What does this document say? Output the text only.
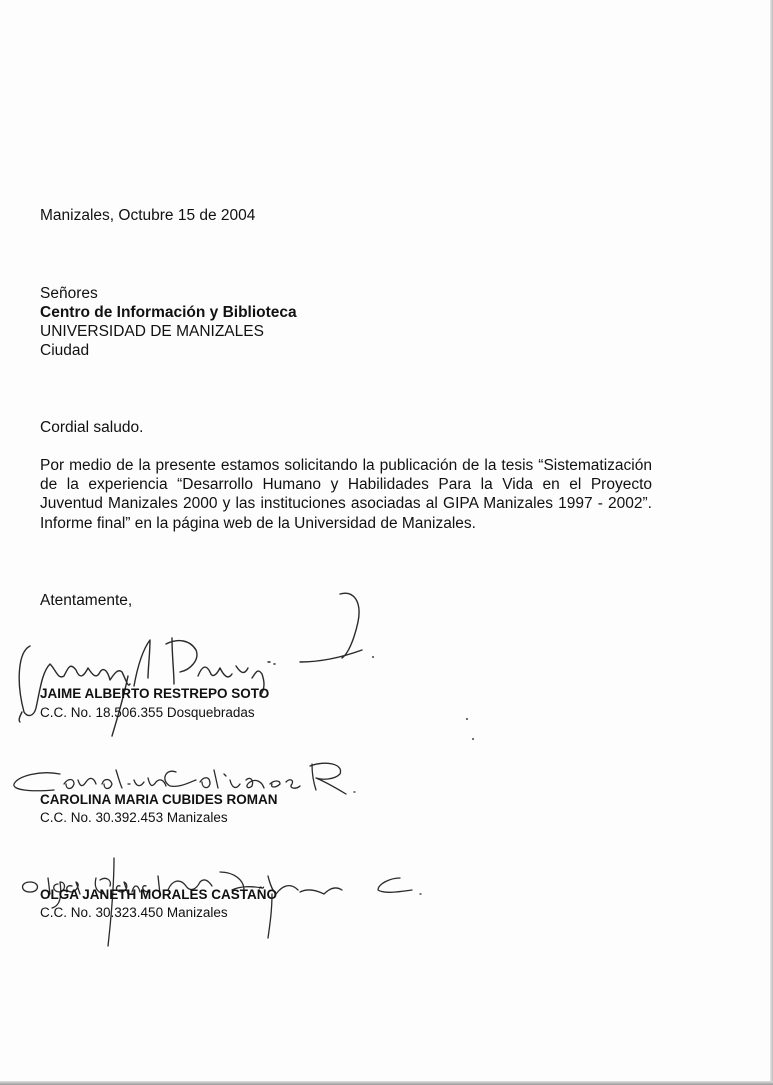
Manizales, Octubre 15 de 2004
Señores
Centro de Información y Biblioteca
UNIVERSIDAD DE MANIZALES
Ciudad
Cordial saludo.
Por medio de la presente estamos solicitando la publicación de la tesis “Sistematización de la experiencia “Desarrollo Humano y Habilidades Para la Vida en el Proyecto Juventud Manizales 2000 y las instituciones asociadas al GIPA Manizales 1997 - 2002”. Informe final” en la página web de la Universidad de Manizales.
Atentamente,
JAIME ALBERTO RESTREPO SOTO
C.C. No. 18.506.355 Dosquebradas
CAROLINA MARIA CUBIDES ROMAN
C.C. No. 30.392.453 Manizales
OLGA JANETH MORALES CASTAÑO
C.C. No. 30.323.450 Manizales
